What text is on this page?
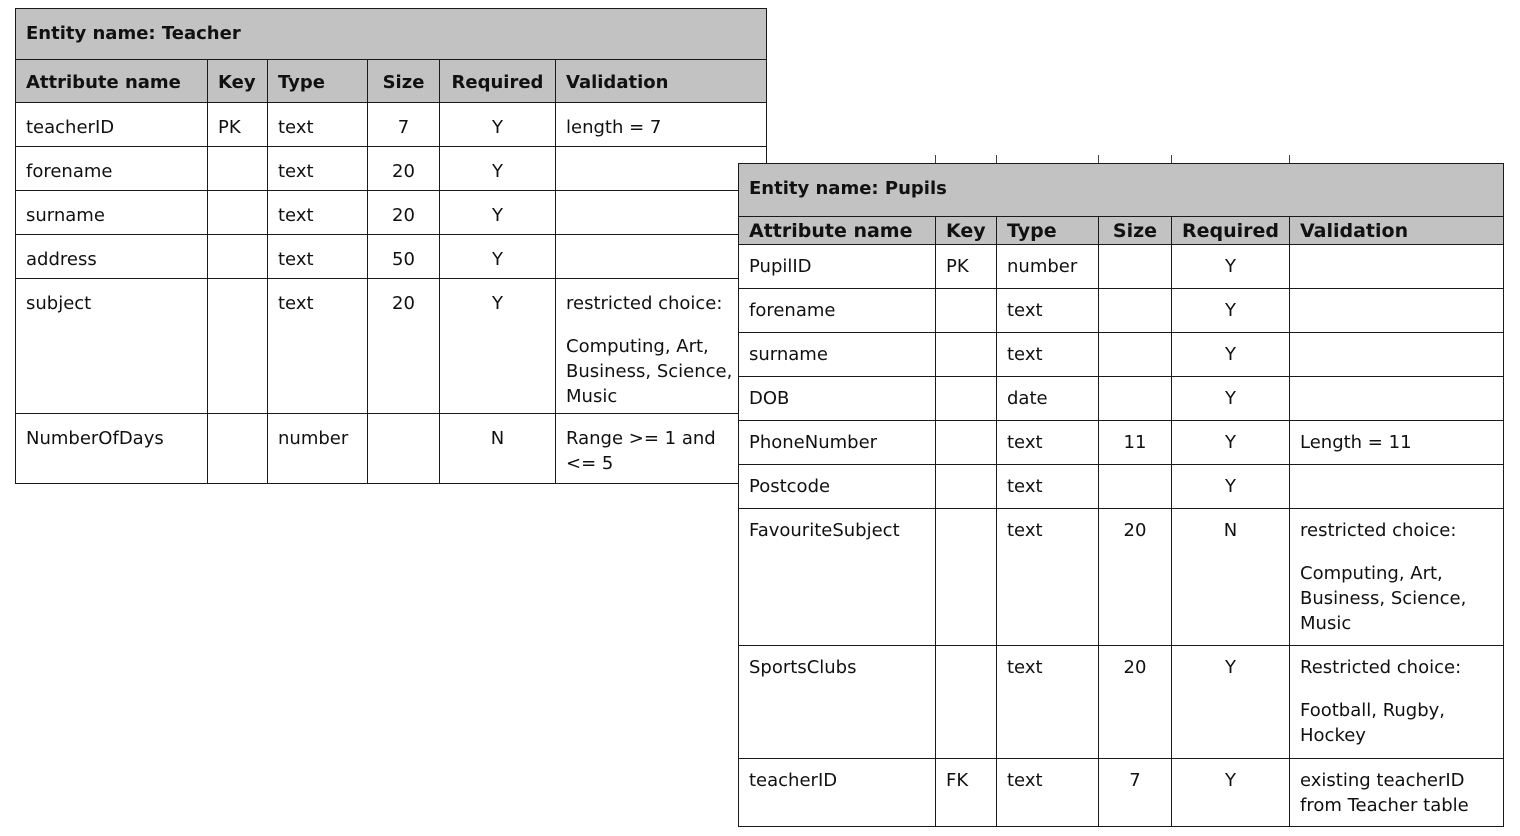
Entity name: Teacher					
Attribute name	Key	Type	Size	Required	Validation
teacherID	PK	text	7	Y	length = 7

forename		text	20	Y	
surname		text	20	Y	
address		text	50	Y	
subject		text	20	Y	restricted choice:
Computing, Art,
Business, Science,
Music

NumberOfDays		number		N	Range >= 1 and
<= 5
Entity name: Pupils					
Attribute name	Key	Type	Size	Required	Validation
PupilID	PK	number		Y	
forename		text		Y	
surname		text		Y	
DOB		date		Y	
PhoneNumber		text	11	Y	Length = 11

Postcode		text		Y	
FavouriteSubject		text	20	N	restricted choice:
Computing, Art,
Business, Science,
Music

SportsClubs		text	20	Y	Restricted choice:
Football, Rugby,
Hockey

teacherID	FK	text	7	Y	existing teacherID
from Teacher table
